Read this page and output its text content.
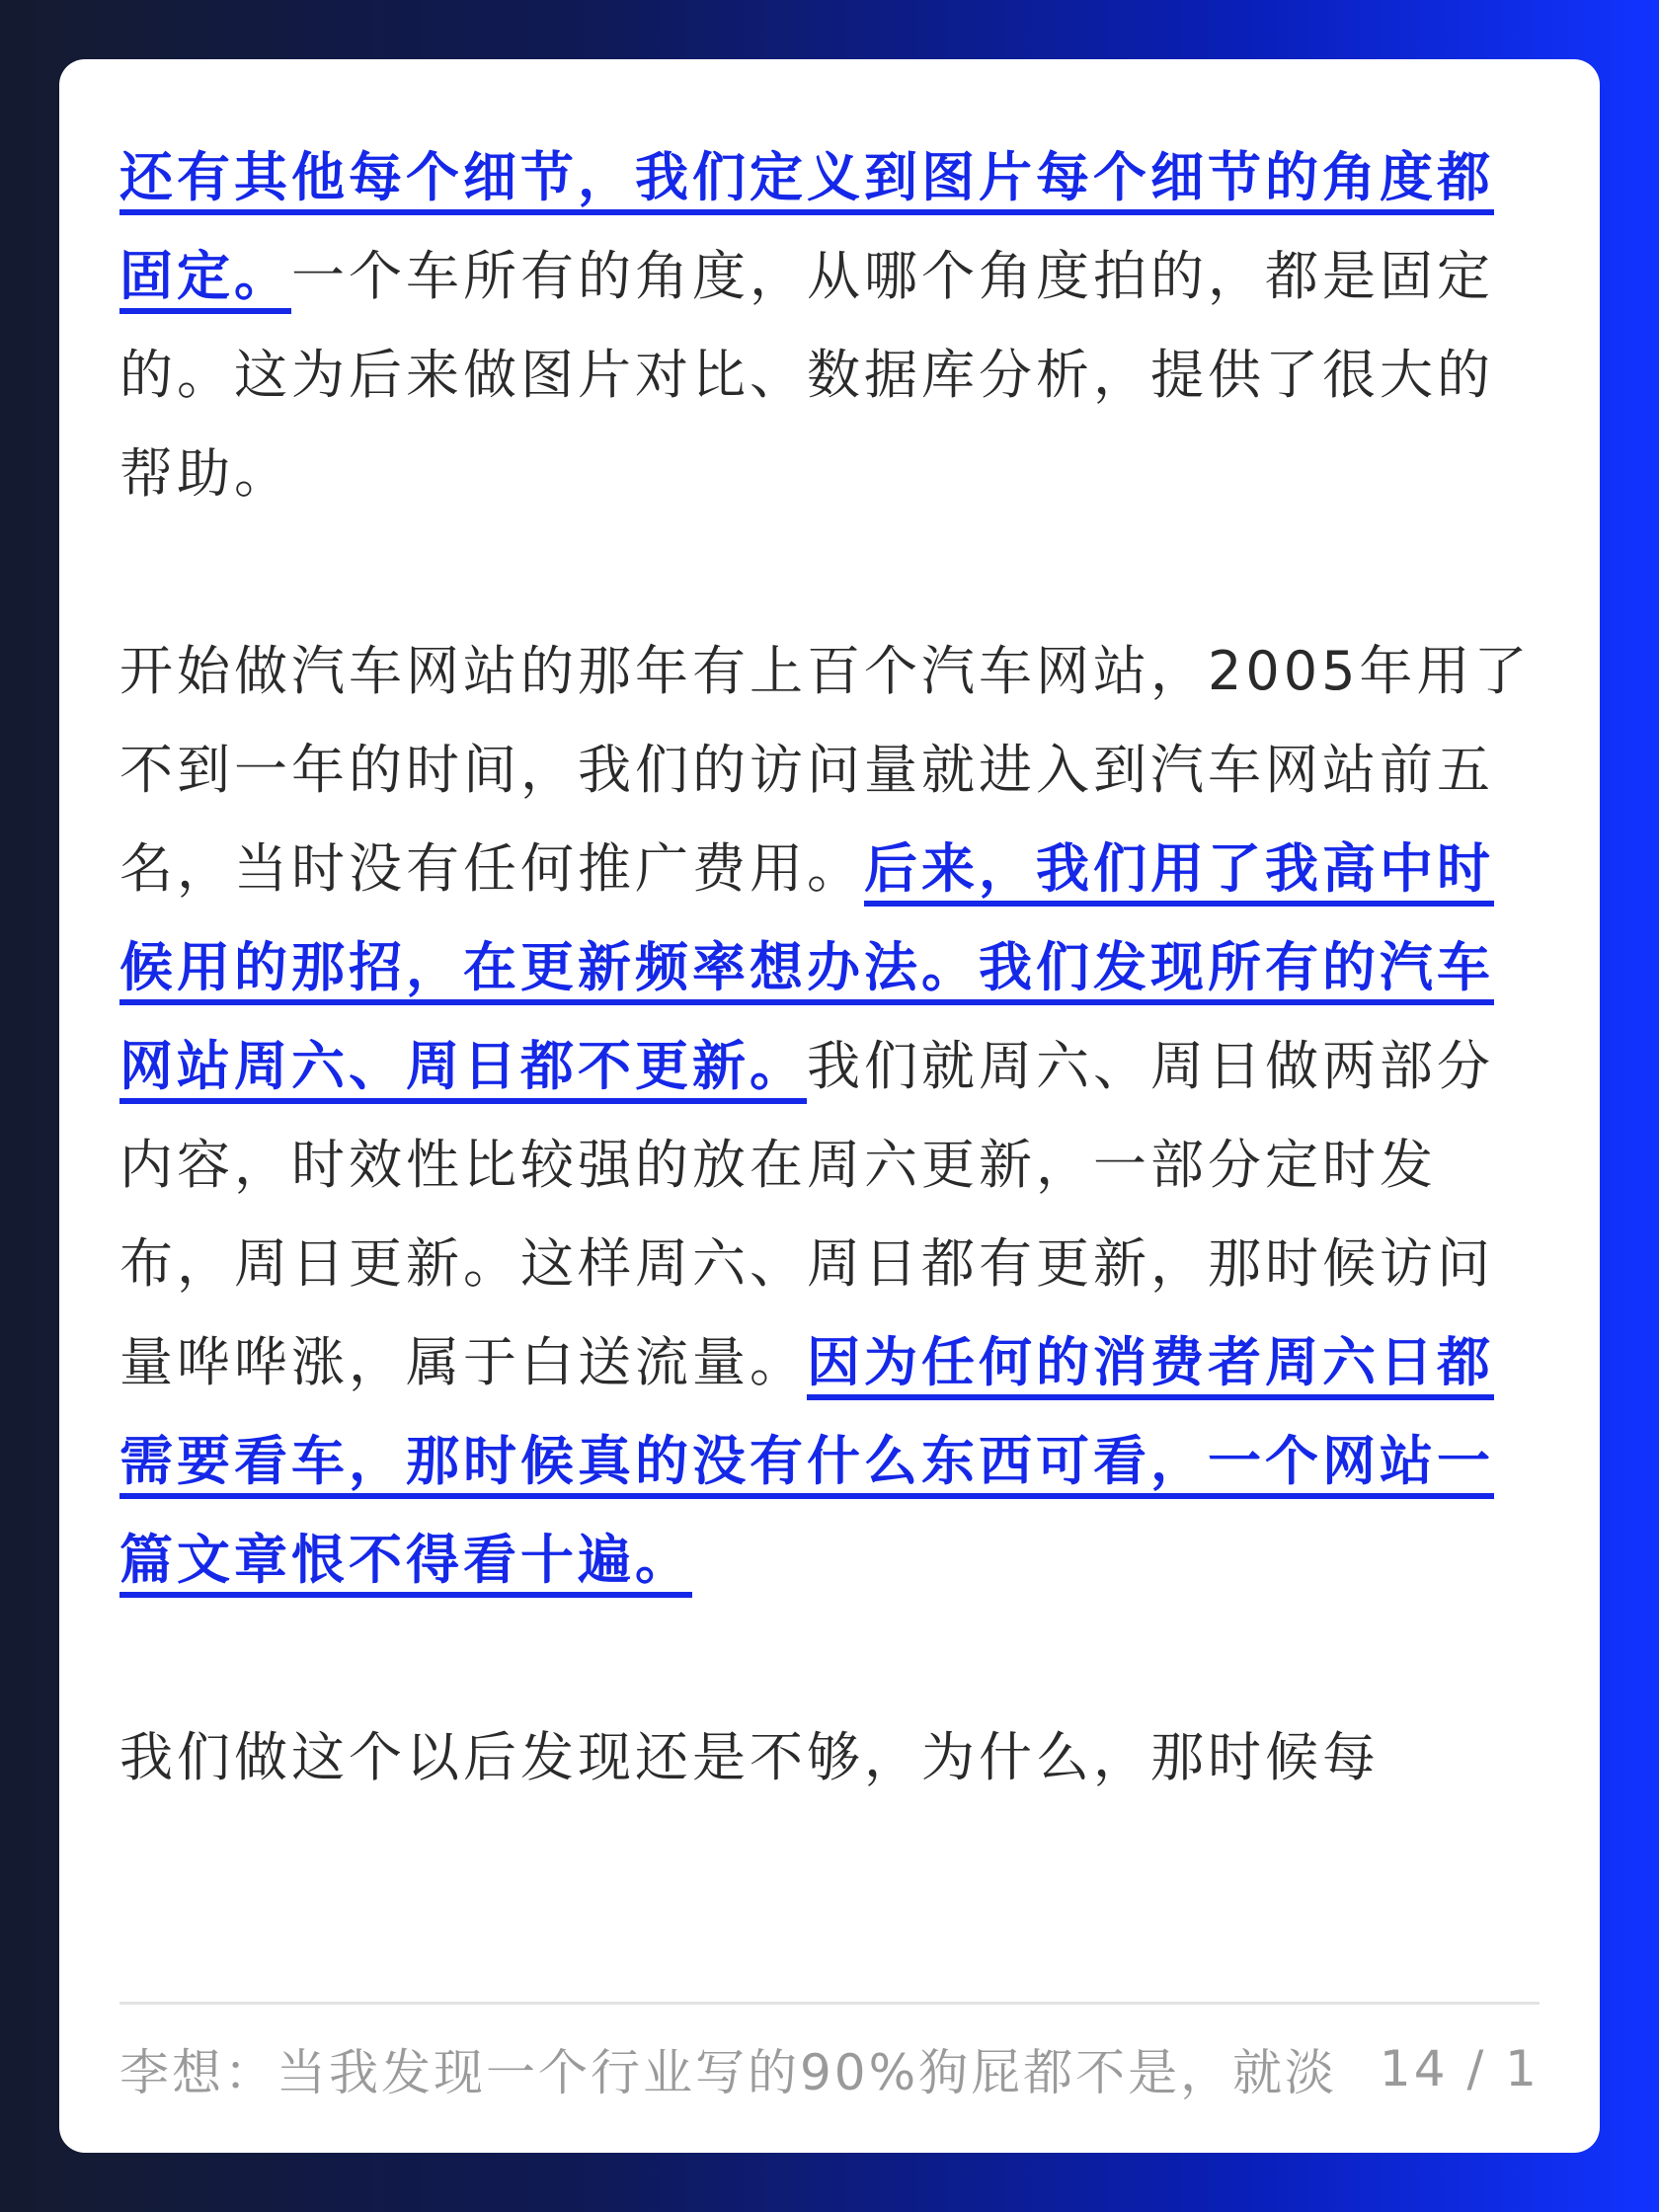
还有其他每个细节，我们定义到图片每个细节的角度都固定。一个车所有的角度，从哪个角度拍的，都是固定的。这为后来做图片对比、数据库分析，提供了很大的帮助。

开始做汽车网站的那年有上百个汽车网站，2005年用了不到一年的时间，我们的访问量就进入到汽车网站前五名，当时没有任何推广费用。后来，我们用了我高中时候用的那招，在更新频率想办法。我们发现所有的汽车网站周六、周日都不更新。我们就周六、周日做两部分内容，时效性比较强的放在周六更新，一部分定时发布，周日更新。这样周六、周日都有更新，那时候访问量哗哗涨，属于白送流量。因为任何的消费者周六日都需要看车，那时候真的没有什么东西可看，一个网站一篇文章恨不得看十遍。

我们做这个以后发现还是不够，为什么，那时候每

李想：当我发现一个行业写的90%狗屁都不是，就淡 14 / 1
